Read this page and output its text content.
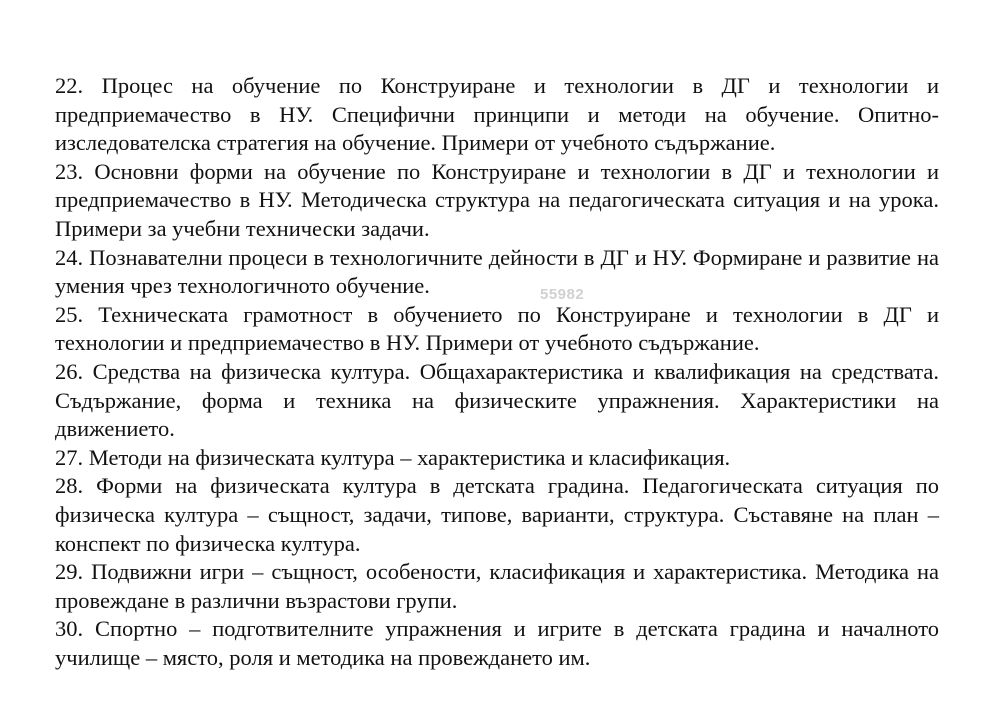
22. Процес на обучение по Конструиране и технологии в ДГ и технологии и предприемачество в НУ. Специфични принципи и методи на обучение. Опитно-изследователска стратегия на обучение. Примери от учебното съдържание.

23. Основни форми на обучение по Конструиране и технологии в ДГ и технологии и предприемачество в НУ. Методическа структура на педагогическата ситуация и на урока. Примери за учебни технически задачи.

24. Познавателни процеси в технологичните дейности в ДГ и НУ. Формиране и развитие на умения чрез технологичното обучение.

25. Техническата грамотност в обучението по Конструиране и технологии в ДГ и технологии и предприемачество в НУ. Примери от учебното съдържание.

26. Средства на физическа култура. Общахарактеристика и квалификация на средствата. Съдържание, форма и техника на физическите упражнения. Характеристики на движението.

27. Методи на физическата култура – характеристика и класификация.

28. Форми на физическата култура в детската градина. Педагогическата ситуация по физическа култура – същност, задачи, типове, варианти, структура. Съставяне на план – конспект по физическа култура.

29. Подвижни игри – същност, особености, класификация и характеристика. Методика на провеждане в различни възрастови групи.

30. Спортно – подготвителните упражнения и игрите в детската градина и началното училище – място, роля и методика на провеждането им.

55982
